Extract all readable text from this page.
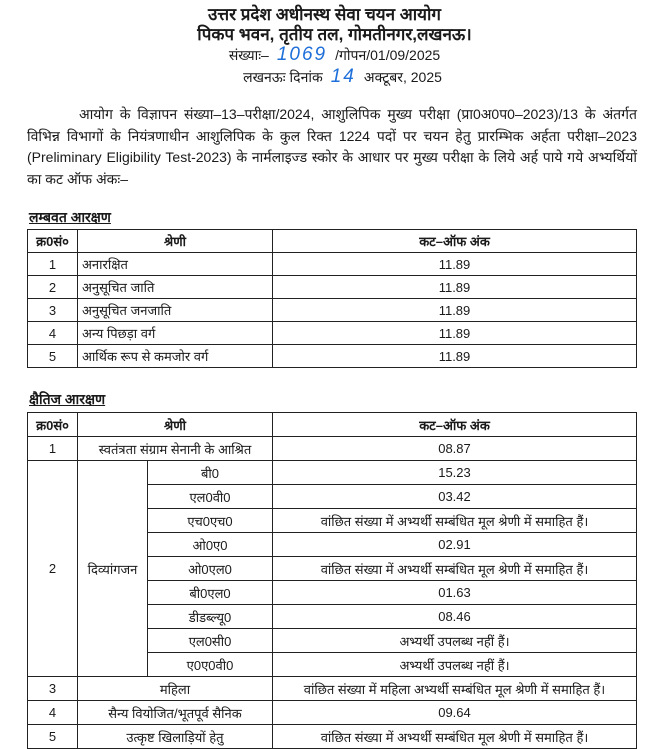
उत्तर प्रदेश अधीनस्थ सेवा चयन आयोग
पिकप भवन, तृतीय तल, गोमतीनगर,लखनऊ।
संख्याः– 1069 /गोपन/01/09/2025
लखनऊः दिनांक 14 अक्टूबर, 2025
आयोग के विज्ञापन संख्या–13–परीक्षा/2024, आशुलिपिक मुख्य परीक्षा (प्रा0अ0प0–2023)/13 के अंतर्गत विभिन्न विभागों के नियंत्रणाधीन आशुलिपिक के कुल रिक्त 1224 पदों पर चयन हेतु प्रारम्भिक अर्हता परीक्षा–2023 (Preliminary Eligibility Test-2023) के नार्मलाइज्ड स्कोर के आधार पर मुख्य परीक्षा के लिये अर्ह पाये गये अभ्यर्थियों का कट ऑफ अंकः–
लम्बवत आरक्षण
क्र0सं०	श्रेणी	कट–ऑफ अंक
1	अनारक्षित	11.89
2	अनुसूचित जाति	11.89
3	अनुसूचित जनजाति	11.89
4	अन्य पिछड़ा वर्ग	11.89
5	आर्थिक रूप से कमजोर वर्ग	11.89
क्षैतिज आरक्षण
क्र0सं०	श्रेणी		कट–ऑफ अंक
1	स्वतंत्रता संग्राम सेनानी के आश्रित		08.87
2	दिव्यांगजन	बी0	15.23
		एल0वी0	03.42
		एच0एच0	वांछित संख्या में अभ्यर्थी सम्बंधित मूल श्रेणी में समाहित हैं।
		ओ0ए0	02.91
		ओ0एल0	वांछित संख्या में अभ्यर्थी सम्बंधित मूल श्रेणी में समाहित हैं।
		बी0एल0	01.63
		डीडब्ल्यू0	08.46
		एल0सी0	अभ्यर्थी उपलब्ध नहीं हैं।
		ए0ए0वी0	अभ्यर्थी उपलब्ध नहीं हैं।
3	महिला		वांछित संख्या में महिला अभ्यर्थी सम्बंधित मूल श्रेणी में समाहित हैं।
4	सैन्य वियोजित/भूतपूर्व सैनिक		09.64
5	उत्कृष्ट खिलाड़ियों हेतु		वांछित संख्या में अभ्यर्थी सम्बंधित मूल श्रेणी में समाहित हैं।
